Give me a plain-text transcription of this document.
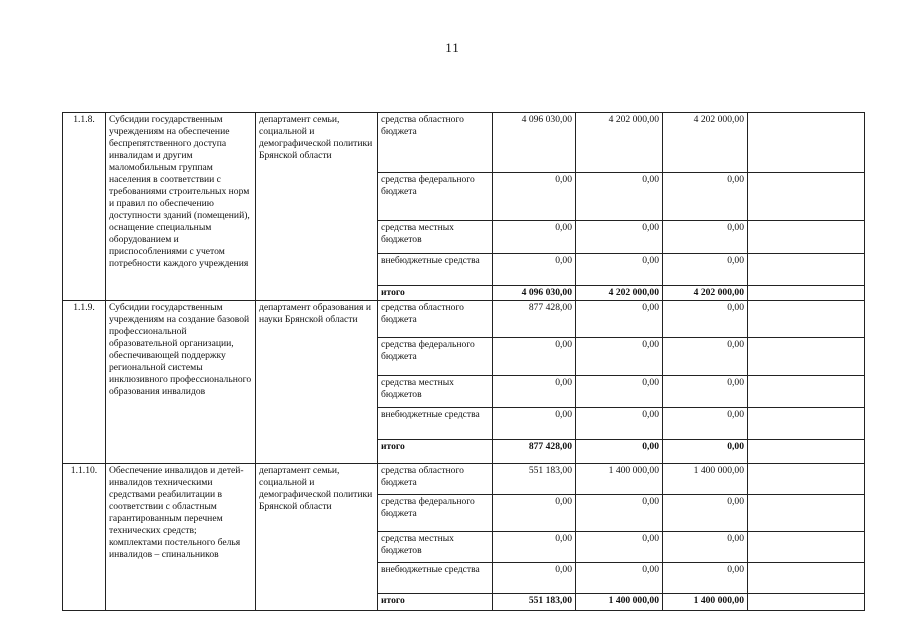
11
1.1.8.	Субсидии государственным учреждениям на обеспечение беспрепятственного доступа инвалидам и другим маломобильным группам населения в соответствии с требованиями строительных норм и правил по обеспечению доступности зданий (помещений), оснащение специальным оборудованием и приспособлениями с учетом потребности каждого учреждения	департамент семьи, социальной и демографической политики Брянской области	средства областного бюджета	4 096 030,00	4 202 000,00	4 202 000,00	
			средства федерального бюджета	0,00	0,00	0,00	
			средства местных бюджетов	0,00	0,00	0,00	
			внебюджетные средства	0,00	0,00	0,00	
			итого	4 096 030,00	4 202 000,00	4 202 000,00	
1.1.9.	Субсидии государственным учреждениям на создание базовой профессиональной образовательной организации, обеспечивающей поддержку региональной системы инклюзивного профессионального образования инвалидов	департамент образования и науки Брянской области	средства областного бюджета	877 428,00	0,00	0,00	
			средства федерального бюджета	0,00	0,00	0,00	
			средства местных бюджетов	0,00	0,00	0,00	
			внебюджетные средства	0,00	0,00	0,00	
			итого	877 428,00	0,00	0,00	
1.1.10.	Обеспечение инвалидов и детей-инвалидов техническими средствами реабилитации в соответствии с областным гарантированным перечнем технических средств; комплектами постельного белья инвалидов – спинальников	департамент семьи, социальной и демографической политики Брянской области	средства областного бюджета	551 183,00	1 400 000,00	1 400 000,00	
			средства федерального бюджета	0,00	0,00	0,00	
			средства местных бюджетов	0,00	0,00	0,00	
			внебюджетные средства	0,00	0,00	0,00	
			итого	551 183,00	1 400 000,00	1 400 000,00	
